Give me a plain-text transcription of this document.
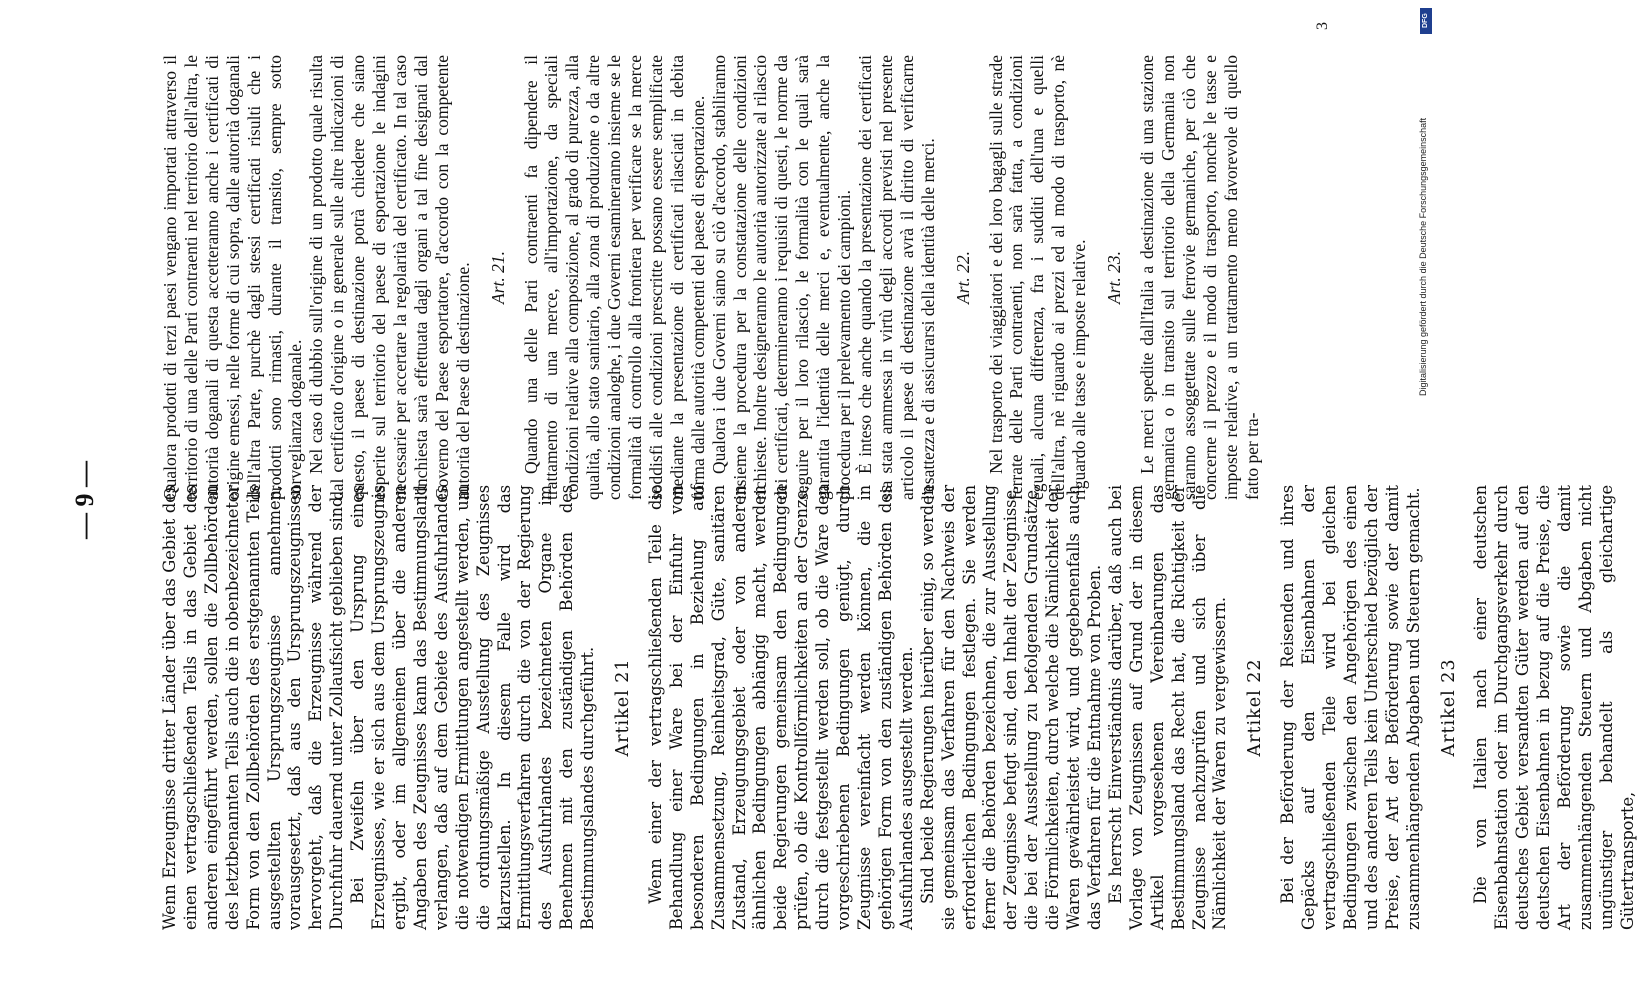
— 9 —	Wenn Erzeugnisse dritter Länder über das Gebiet des einen vertragschließenden Teils in das Gebiet des anderen eingeführt werden, sollen die Zollbehörden des letztbenannten Teils auch die in obenbezeichneter Form von den Zollbehörden des erstgenannten Teils ausgestellten Ursprungszeugnisse annehmen, vorausgesetzt, daß aus den Ursprungszeugnissen hervorgeht, daß die Erzeugnisse während der Durchfuhr dauernd unter Zollaufsicht geblieben sind. Bei Zweifeln über den Ursprung eines Erzeugnisses, wie er sich aus dem Ursprungszeugnis ergibt, oder im allgemeinen über die anderen Angaben des Zeugnisses kann das Bestimmungsland verlangen, daß auf dem Gebiete des Ausfuhrlandes die notwendigen Ermittlungen angestellt werden, um die ordnungsmäßige Ausstellung des Zeugnisses klarzustellen. In diesem Falle wird das Ermittlungsverfahren durch die von der Regierung des Ausfuhrlandes bezeichneten Organe im Benehmen mit den zuständigen Behörden des Bestimmungslandes durchgeführt. Artikel 21 Wenn einer der vertragschließenden Teile die Behandlung einer Ware bei der Einfuhr von besonderen Bedingungen in Beziehung auf Zusammensetzung, Reinheitsgrad, Güte, sanitären Zustand, Erzeugungsgebiet oder von anderen ähnlichen Bedingungen abhängig macht, werden beide Regierungen gemeinsam den Bedingungen prüfen, ob die Kontrollförmlichkeiten an der Grenze, durch die festgestellt werden soll, ob die Ware den vorgeschriebenen Bedingungen genügt, durch Zeugnisse vereinfacht werden können, die in gehörigen Form von den zuständigen Behörden des Ausfuhrlandes ausgestellt werden. Sind beide Regierungen hierüber einig, so werden sie gemeinsam das Verfahren für den Nachweis der erforderlichen Bedingungen festlegen. Sie werden ferner die Behörden bezeichnen, die zur Ausstellung der Zeugnisse befugt sind, den Inhalt der Zeugnisse, die bei der Ausstellung zu befolgenden Grundsätze, die Förmlichkeiten, durch welche die Nämlichkeit der Waren gewährleistet wird, und gegebenenfalls auch das Verfahren für die Entnahme von Proben. Es herrscht Einverständnis darüber, daß auch bei Vorlage von Zeugnissen auf Grund der in diesem Artikel vorgesehenen Vereinbarungen das Bestimmungsland das Recht hat, die Richtigkeit der Zeugnisse nachzuprüfen und sich über die Nämlichkeit der Waren zu vergewissern. Artikel 22 Bei der Beförderung der Reisenden und ihres Gepäcks auf den Eisenbahnen der vertragschließenden Teile wird bei gleichen Bedingungen zwischen den Angehörigen des einen und des anderen Teils kein Unterschied bezüglich der Preise, der Art der Beförderung sowie der damit zusammenhängenden Abgaben und Steuern gemacht. Artikel 23 Die von Italien nach einer deutschen Eisenbahnstation oder im Durchgangsverkehr durch deutsches Gebiet versandten Güter werden auf den deutschen Eisenbahnen in bezug auf die Preise, die Art der Beförderung sowie die damit zusammenhängenden Steuern und Abgaben nicht ungünstiger behandelt als gleichartige Gütertransporte,

Qualora prodotti di terzi paesi vengano importati attraverso il territorio di una delle Parti contraenti nel territorio dell'altra, le autorità doganali di questa accetteranno anche i certificati di origine emessi, nelle forme di cui sopra, dalle autorità doganali dell'altra Parte, purchè dagli stessi certificati risulti che i prodotti sono rimasti, durante il transito, sempre sotto sorveglianza doganale. Nel caso di dubbio sull'origine di un prodotto quale risulta dal certificato d'origine o in generale sulle altre indicazioni di questo, il paese di destinazione potrà chiedere che siano esperite sul territorio del paese di esportazione le indagini necessarie per accertare la regolarità del certificato. In tal caso l'inchiesta sarà effettuata dagli organi a tal fine designati dal Governo del Paese esportatore, d'accordo con la competente autorità del Paese di destinazione. Art. 21. Quando una delle Parti contraenti fa dipendere il trattamento di una merce, all'importazione, da speciali condizioni relative alla composizione, al grado di purezza, alla qualità, allo stato sanitario, alla zona di produzione o da altre condizioni analoghe, i due Governi esamineranno insieme se le formalità di controllo alla frontiera per verificare se la merce soddisfi alle condizioni prescritte possano essere semplificate mediante la presentazione di certificati rilasciati in debita forma dalle autorità competenti del paese di esportazione. Qualora i due Governi siano su ciò d'accordo, stabiliranno insieme la procedura per la constatazione delle condizioni richieste. Inoltre designeranno le autorità autorizzate al rilascio dei certificati, determineranno i requisiti di questi, le norme da seguire per il loro rilascio, le formalità con le quali sarà garantita l'identità delle merci e, eventualmente, anche la procedura per il prelevamento dei campioni. È inteso che anche quando la presentazione dei certificati sia stata ammessa in virtù degli accordi previsti nel presente articolo il paese di destinazione avrà il diritto di verificarne l'esattezza e di assicurarsi della identità delle merci. Art. 22. Nel trasporto dei viaggiatori e dei loro bagagli sulle strade ferrate delle Parti contraenti, non sarà fatta, a condizioni eguali, alcuna differenza, fra i sudditi dell'una e quelli dell'altra, nè riguardo ai prezzi ed al modo di trasporto, nè riguardo alle tasse e imposte relative. Art. 23. Le merci spedite dall'Italia a destinazione di una stazione germanica o in transito sul territorio della Germania non saranno assoggettate sulle ferrovie germaniche, per ciò che concerne il prezzo e il modo di trasporto, nonchè le tasse e imposte relative, a un trattamento meno favorevole di quello fatto per tra-

3	DFG
Digitalisierung gefördert durch die Deutsche Forschungsgemeinschaft
